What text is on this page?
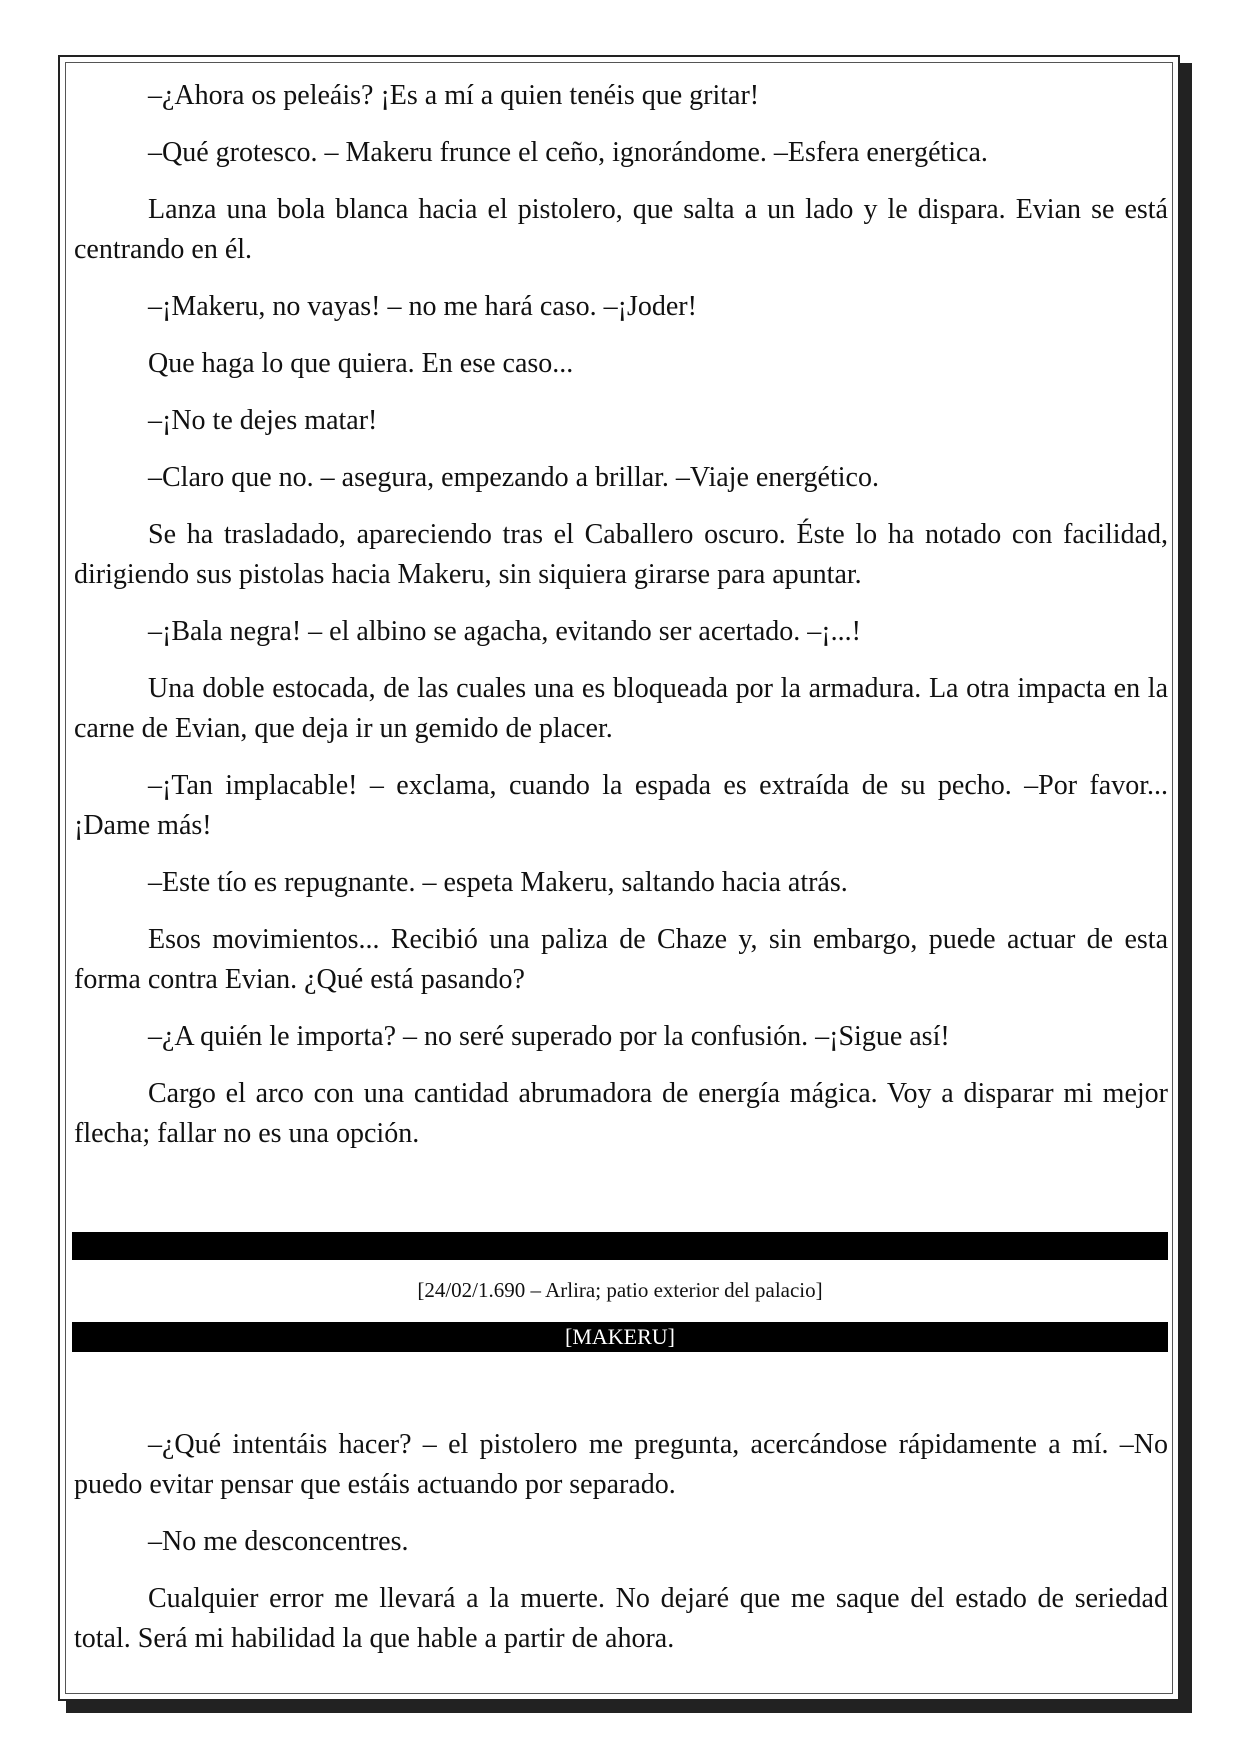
–¿Ahora os peleáis? ¡Es a mí a quien tenéis que gritar!

–Qué grotesco. – Makeru frunce el ceño, ignorándome. –Esfera energética.

Lanza una bola blanca hacia el pistolero, que salta a un lado y le dispara. Evian se está centrando en él.

–¡Makeru, no vayas! – no me hará caso. –¡Joder!

Que haga lo que quiera. En ese caso...

–¡No te dejes matar!

–Claro que no. – asegura, empezando a brillar. –Viaje energético.

Se ha trasladado, apareciendo tras el Caballero oscuro. Éste lo ha notado con facilidad, dirigiendo sus pistolas hacia Makeru, sin siquiera girarse para apuntar.

–¡Bala negra! – el albino se agacha, evitando ser acertado. –¡...!

Una doble estocada, de las cuales una es bloqueada por la armadura. La otra impacta en la carne de Evian, que deja ir un gemido de placer.

–¡Tan implacable! – exclama, cuando la espada es extraída de su pecho. –Por favor... ¡Dame más!

–Este tío es repugnante. – espeta Makeru, saltando hacia atrás.

Esos movimientos... Recibió una paliza de Chaze y, sin embargo, puede actuar de esta forma contra Evian. ¿Qué está pasando?

–¿A quién le importa? – no seré superado por la confusión. –¡Sigue así!

Cargo el arco con una cantidad abrumadora de energía mágica. Voy a disparar mi mejor flecha; fallar no es una opción.

[24/02/1.690 – Arlira; patio exterior del palacio]
[MAKERU]

–¿Qué intentáis hacer? – el pistolero me pregunta, acercándose rápidamente a mí. –No puedo evitar pensar que estáis actuando por separado.

–No me desconcentres.

Cualquier error me llevará a la muerte. No dejaré que me saque del estado de seriedad total. Será mi habilidad la que hable a partir de ahora.
